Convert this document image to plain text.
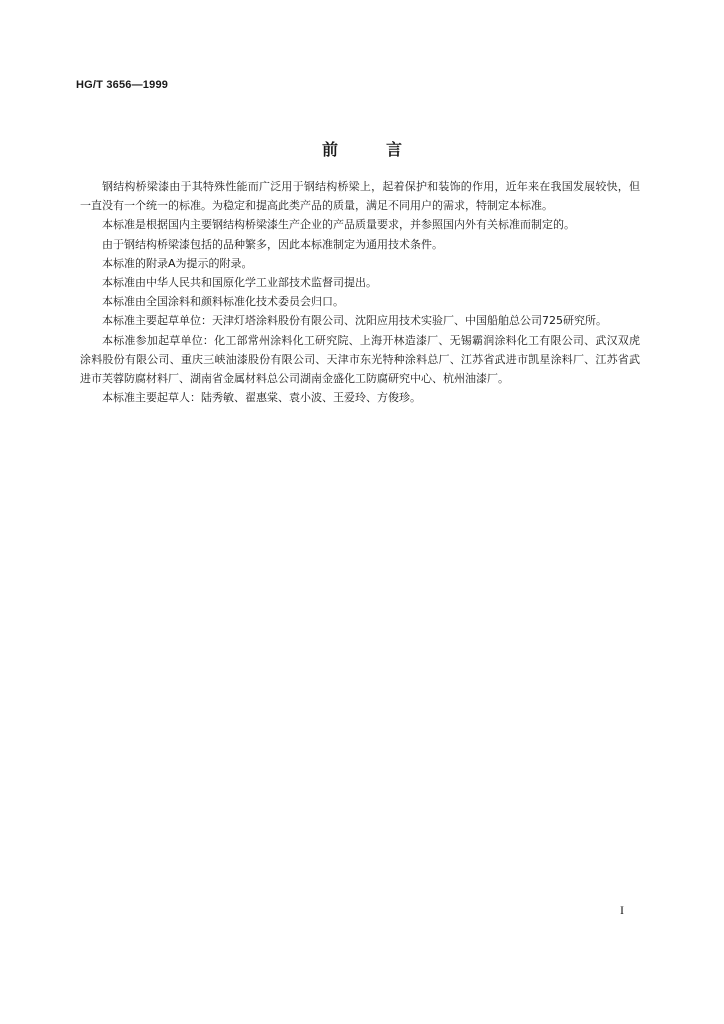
HG/T 3656—1999
前	言

钢结构桥梁漆由于其特殊性能而广泛用于钢结构桥梁上，起着保护和装饰的作用，近年来在我国发展较快，但一直没有一个统一的标准。为稳定和提高此类产品的质量，满足不同用户的需求，特制定本标准。

本标准是根据国内主要钢结构桥梁漆生产企业的产品质量要求，并参照国内外有关标准而制定的。

由于钢结构桥梁漆包括的品种繁多，因此本标准制定为通用技术条件。

本标准的附录A为提示的附录。

本标准由中华人民共和国原化学工业部技术监督司提出。

本标准由全国涂料和颜料标准化技术委员会归口。

本标准主要起草单位：天津灯塔涂料股份有限公司、沈阳应用技术实验厂、中国船舶总公司725研究所。

本标准参加起草单位：化工部常州涂料化工研究院、上海开林造漆厂、无锡霸润涂料化工有限公司、武汉双虎涂料股份有限公司、重庆三峡油漆股份有限公司、天津市东光特种涂料总厂、江苏省武进市凯星涂料厂、江苏省武进市芙蓉防腐材料厂、湖南省金属材料总公司湖南金盛化工防腐研究中心、杭州油漆厂。

本标准主要起草人：陆秀敏、翟惠棠、袁小波、王爱玲、方俊珍。

I
